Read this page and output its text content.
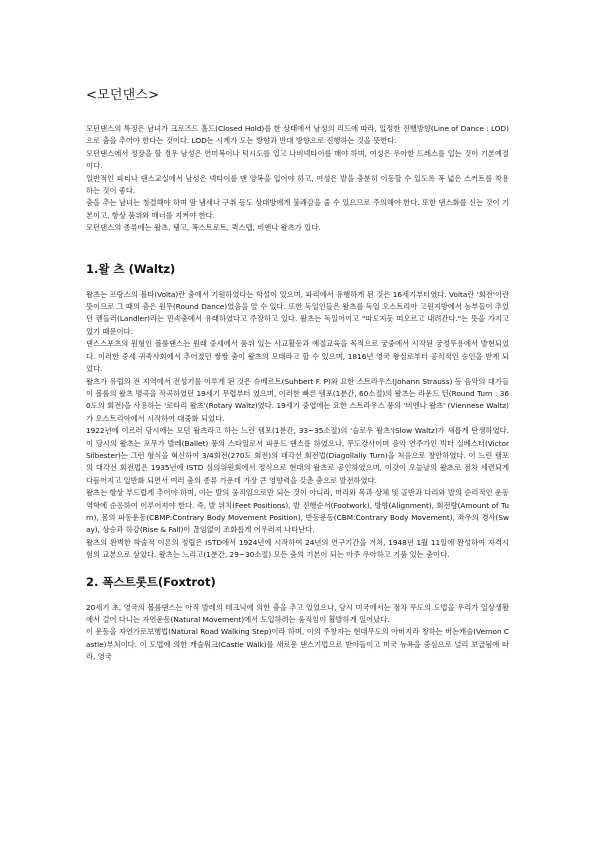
<모던댄스>

모던댄스의 특징은 남녀가 크로즈드 홀드(Closed Hold)를 한 상태에서 남성의 리드에 따라, 일정한 진행방향(Line of Dance : LOD)으로 춤을 추어야 한다는 것이다. LOD는 시계가 도는 방향과 반대 방향으로 진행하는 것을 뜻한다.

모던댄스에서 정장을 할 경우 남성은 연미복이나 턱시도를 입고 나비넥타이를 매야 하며, 여성은 우아한 드레스를 입는 것이 기본예절이다.

일반적인 파티나 댄스교실에서 남성은 넥타이를 맨 양복을 입어야 하고, 여성은 발을 충분히 이동할 수 있도록 폭 넓은 스커트를 착용하는 것이 좋다.

춤을 추는 남녀는 청결해야 하며 땀 냄새나 구취 등도 상대방에게 불쾌감을 줄 수 있으므로 주의해야 한다. 또한 댄스화를 신는 것이 기본이고, 항상 품위와 매너를 지켜야 한다.

모던댄스의 종류에는 왈츠, 탱고, 폭스트로트, 퀵스텝, 비엔나 왈츠가 있다.

1.왈 츠 (Waltz)

왈츠는 프랑스의 볼타(Volta)란 춤에서 기원하였다는 학설이 있으며, 파리에서 유행하게 된 것은 16세기부터였다. Volta란 '회전'이란 뜻이므로 그 때의 춤은 원무(Round Dance)였음을 알 수 있다. 또한 독일인들은 왈츠를 독일 오스트리아 고원지방에서 농부들이 추었던 렌들러(Landler)라는 민속춤에서 유래하였다고 주장하고 있다. 왈츠는 독일어이고 "따도지듯 떠오르고 내려간다."는 뜻을 가지고 있기 때문이다.

댄스스포츠의 원형인 볼룸댄스는 원래 중세에서 품위 있는 사교활동과 예절교육을 목적으로 궁중에서 시작된 궁정무용에서 발현되었다. 이러한 중세 귀족사회에서 추어졌던 쌍쌍 춤이 왈츠의 모태라고 할 수 있으며, 1816년 영국 왕실로부터 공식적인 승인을 받게 되었다.

왈츠가 유럽의 전 지역에서 전성기를 이루게 된 것은 슈베르트(Suhbert F. P)와 요한 스트라우스(Johann Strauss) 등 음악의 대가들이 볼룸의 왈츠 명곡을 작곡하였던 19세기 무렵부터 였으며, 이러한 빠른 템포(1분간, 60소절)의 왈츠는 라운드 턴(Round Turn : 360도의 회전)을 사용하는 '로타리 왈츠'(Rotary Waltz)였다. 19세기 중엽에는 요한 스트라우스 풍의 '비엔나 왈츠' (Viennese Waltz)가 오스트리아에서 시작하여 대중화 되었다.

1922년에 이르러 당시에는 모던 왈츠라고 하는 느린 템포(1분간, 33~35소절)의 '슬로우 왈츠'(Slow Waltz)가 새롭게 탄생하였다. 이 당시의 왈츠는 포무가 발레(Ballet) 풍의 스타일로서 파운드 댄스를 하였으나, 무도강사이며 음악 연주가인 빅터 실베스터(Victor Silbester)는 그런 형식을 혁신하여 3/4회전(270도 회전)의 대각선 회전법(Diagollally Turn)을 처음으로 창안하였다. 이 느린 템포의 대각선 회전법은 1935년에 ISTD 심의위원회에서 정식으로 현대의 왈츠로 공인하였으며, 이것이 오늘날의 왈츠로 점차 세련되게 다듬어지고 일반화 되면서 여러 춤의 종류 가운데 가장 큰 영향력을 갖춘 춤으로 발전하였다.

왈츠는 항상 부드럽게 추어야 하며, 이는 발의 움직임으로만 되는 것이 아니라, 머리와 목과 상체 및 골반과 다리와 발의 순리적인 운동역학에 순응하여 이루어져야 한다. 즉, 발 위치(Feet Positions), 발 진행순서(Footwork), 방향(Alignment), 회전량(Amount of Turn), 몸의 파동운동(CBMP:Contrary Body Movement Position), 반동운동(CBM:Contrary Body Movement), 좌우의 경사(Sway), 상승과 하강(Rise & Fall)이 끊임없이 조화롭게 어우러져 나타난다.

왈츠의 완벽한 학술적 이론의 정립은 ISTD에서 1924년에 시작하여 24년의 연구기간을 거쳐, 1948년 1월 11일에 완성하여 자격시험의 교본으로 삼았다. 왈츠는 느리고(1분간, 29~30소절) 모든 춤의 기본이 되는 아주 우아하고 기품 있는 춤이다.

2. 폭스트롯트(Foxtrot)

20세기 초, 영국의 볼룸댄스는 아직 발레의 테크닉에 의한 춤을 추고 있었으나, 당시 미국에서는 점차 무도의 도법을 우리가 일상생활에서 걸어 다니는 자연운동(Natural Movement)에서 도입하려는 움직임이 활발하게 일어났다.

이 운동을 자연가로보행법(Natural Road Walking Step)이라 하며, 이의 주창자는 현대무도의 아버지라 칭하는 버논캐슬(Vernon Castle)부처이다. 이 도법에 의한 캐슬워크(Castle Walk)를 새로운 댄스기법으로 받아들이고 미국 뉴욕을 중심으로 널리 보급됨에 따라, 영국
